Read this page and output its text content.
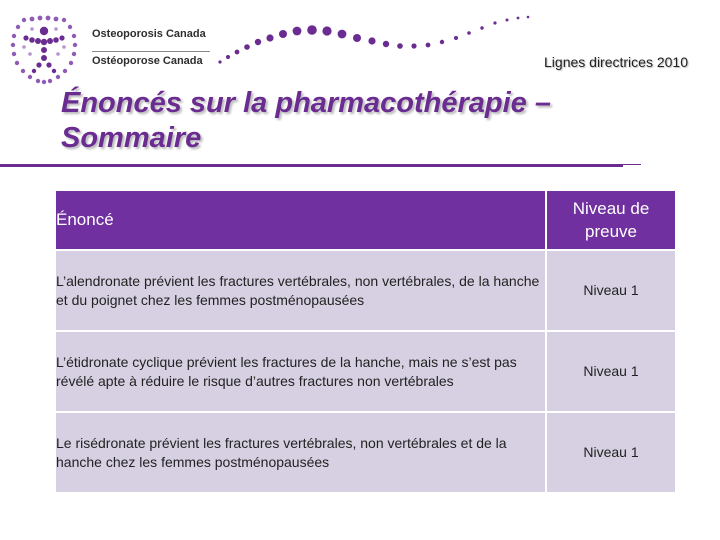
Osteoporosis Canada
Ostéoporose Canada	Lignes directrices 2010
Énoncés sur la pharmacothérapie –
Sommaire
Énoncé	Niveau de preuve
L’alendronate prévient les fractures vertébrales, non vertébrales, de la hanche et du poignet chez les femmes postménopausées	Niveau 1
L’étidronate cyclique prévient les fractures de la hanche, mais ne s’est pas révélé apte à réduire le risque d’autres fractures non vertébrales	Niveau 1
Le risédronate prévient les fractures vertébrales, non vertébrales et de la hanche chez les femmes postménopausées	Niveau 1
